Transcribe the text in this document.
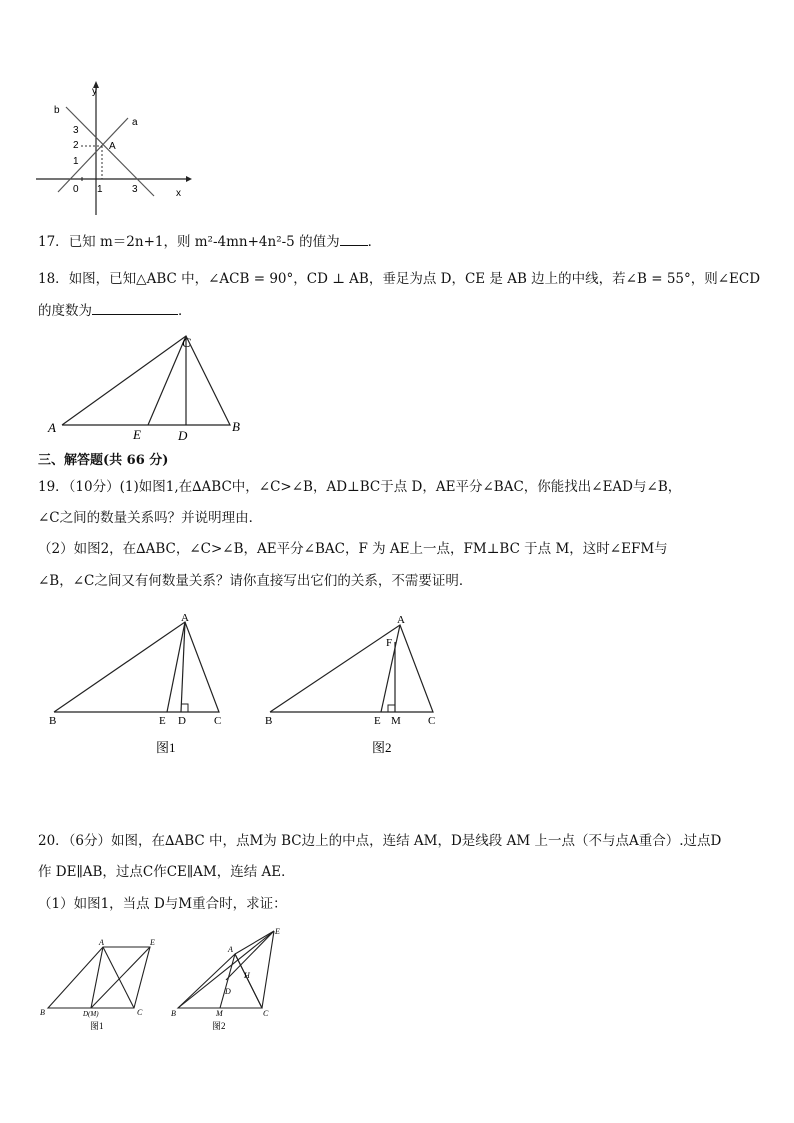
b
y
a
x
A
3
2
1
0 1	3
17．已知 m＝2n+1，则 m²-4mn+4n²-5 的值为 ．
18．如图，已知△ABC 中，∠ACB = 90°，CD ⊥ AB，垂足为点 D，CE 是 AB 边上的中线，若∠B = 55°，则∠ECD
的度数为	．
C
A	E	D
B
三、解答题(共 66 分)
19．（10分）(1)如图1,在∆ABC中，∠C>∠B，AD⊥BC于点 D，AE平分∠BAC，你能找出∠EAD与∠B，
∠C之间的数量关系吗？并说明理由．
（2）如图2，在∆ABC，∠C>∠B，AE平分∠BAC，F 为 AE上一点，FM⊥BC 于点 M，这时∠EFM与
∠B，∠C之间又有何数量关系？请你直接写出它们的关系，不需要证明．
A
B	E D	C
图1
A
F
B	E M C
图2
20．（6分）如图，在∆ABC 中，点M为 BC边上的中点，连结 AM，D是线段 AM 上一点（不与点A重合）.过点D
作 DE∥AB，过点C作CE∥AM，连结 AE．
（1）如图1，当点 D与M重合时，求证：
A	E
B	D(M)	C
图1
A
E
H
D
B	M	C
图2
